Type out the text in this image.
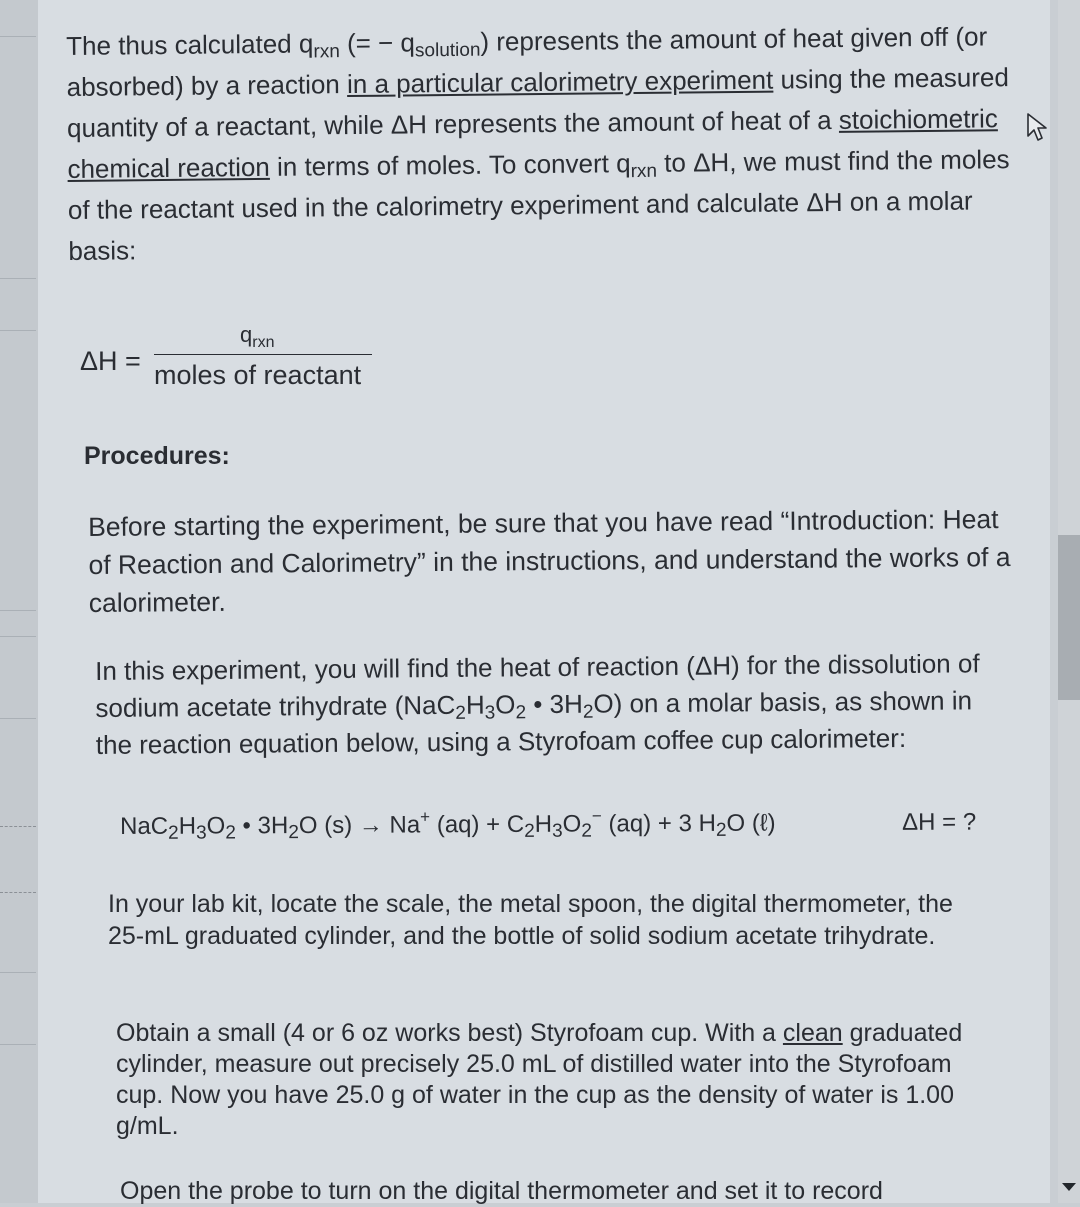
The thus calculated $q_{rxn}$ (= − $q_{solution}$) represents the amount of heat given off (or absorbed) by a reaction in a particular calorimetry experiment using the measured quantity of a reactant, while ΔH represents the amount of heat of a stoichiometric chemical reaction in terms of moles. To convert $q_{rxn}$ to ΔH, we must find the moles of the reactant used in the calorimetry experiment and calculate ΔH on a molar basis:

ΔH =
$q_{rxn}$
moles of reactant
Procedures:

Before starting the experiment, be sure that you have read “Introduction: Heat of Reaction and Calorimetry” in the instructions, and understand the works of a calorimeter.

In this experiment, you will find the heat of reaction (ΔH) for the dissolution of sodium acetate trihydrate ($NaC_2H_3O_2$ • $3H_2O$) on a molar basis, as shown in the reaction equation below, using a Styrofoam coffee cup calorimeter:

$NaC_2H_3O_2$ • $3H_2O$ (s) → Na+ $(aq) + C_2H_3O_2^-$ (aq) + 3 $H_2O$ (ℓ)	ΔH = ?

In your lab kit, locate the scale, the metal spoon, the digital thermometer, the 25-mL graduated cylinder, and the bottle of solid sodium acetate trihydrate.

Obtain a small (4 or 6 oz works best) Styrofoam cup. With a clean graduated cylinder, measure out precisely 25.0 mL of distilled water into the Styrofoam cup. Now you have 25.0 g of water in the cup as the density of water is 1.00 g/mL.

Open the probe to turn on the digital thermometer and set it to record
